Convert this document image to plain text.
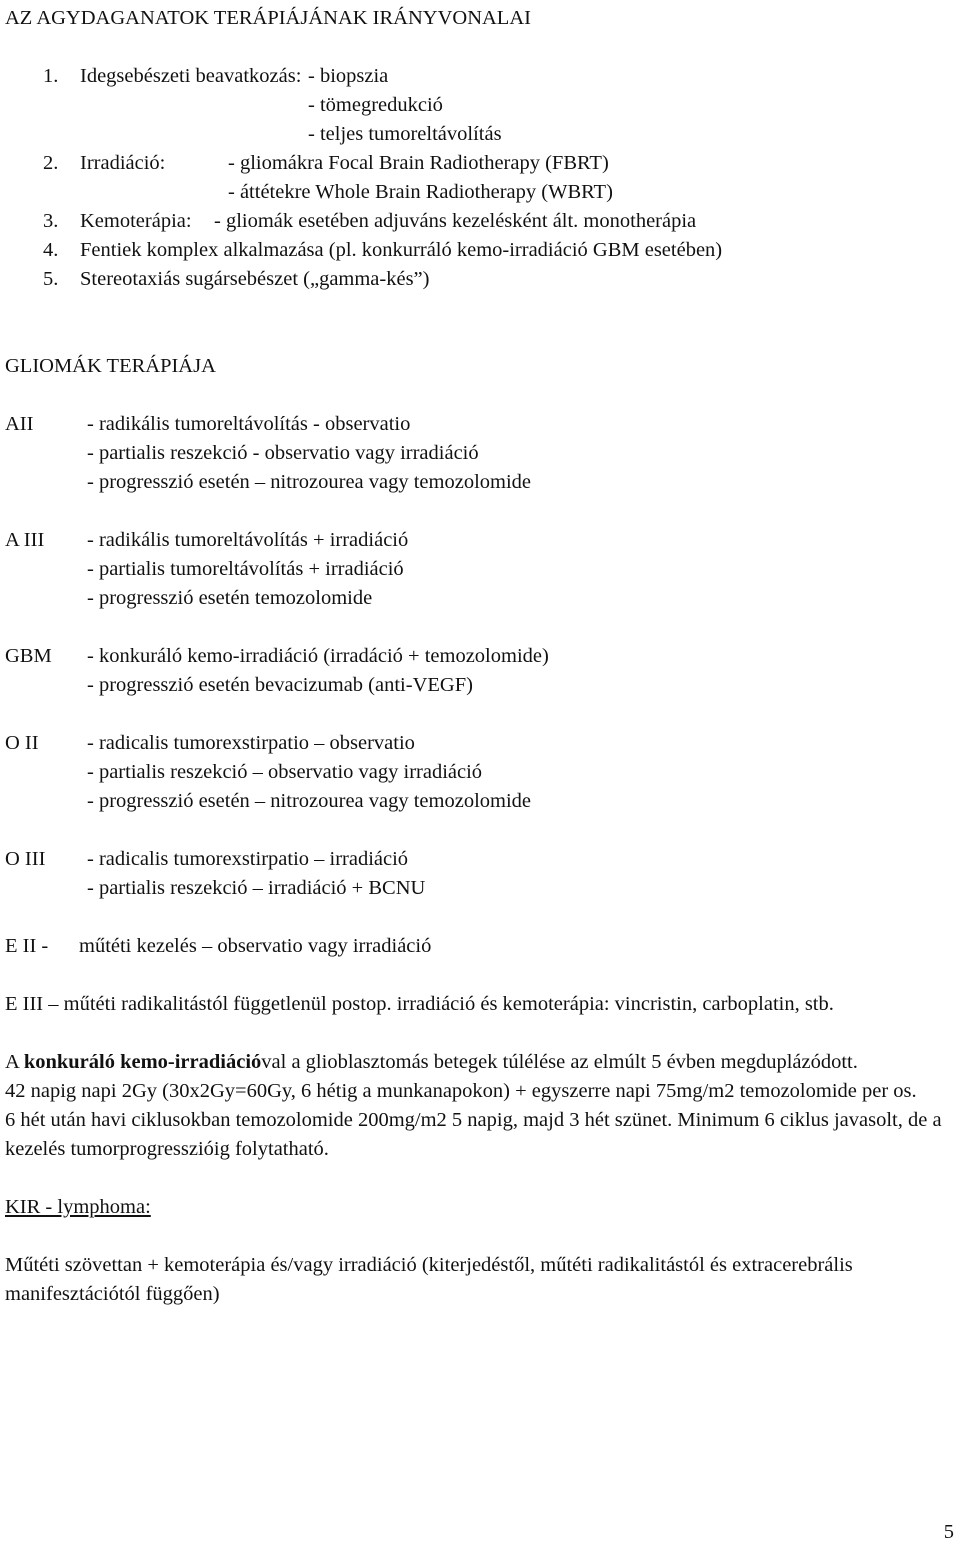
AZ AGYDAGANATOK TERÁPIÁJÁNAK IRÁNYVONALAI
1.	Idegsebészeti beavatkozás: - biopszia
- tömegredukció
- teljes tumoreltávolítás
2.	Irradiáció:	- gliomákra Focal Brain Radiotherapy (FBRT)
- áttétekre Whole Brain Radiotherapy (WBRT)
3.	Kemoterápia:	- gliomák esetében adjuváns kezelésként ált. monotherápia
4.	Fentiek komplex alkalmazása (pl. konkurráló kemo-irradiáció GBM esetében)
5.	Stereotaxiás sugársebészet („gamma-kés”)
GLIOMÁK TERÁPIÁJA
AII	- radikális tumoreltávolítás - observatio
- partialis reszekció - observatio vagy irradiáció
- progresszió esetén – nitrozourea vagy temozolomide
A III	- radikális tumoreltávolítás + irradiáció
- partialis tumoreltávolítás + irradiáció
- progresszió esetén temozolomide
GBM	- konkuráló kemo-irradiáció (irradáció + temozolomide)
- progresszió esetén bevacizumab (anti-VEGF)
O II	- radicalis tumorexstirpatio – observatio
- partialis reszekció – observatio vagy irradiáció
- progresszió esetén – nitrozourea vagy temozolomide
O III	- radicalis tumorexstirpatio – irradiáció
- partialis reszekció – irradiáció + BCNU
E II - műtéti kezelés – observatio vagy irradiáció

E III – műtéti radikalitástól függetlenül postop. irradiáció és kemoterápia: vincristin, carboplatin, stb.

A konkuráló kemo-irradiációval a glioblasztomás betegek túlélése az elmúlt 5 évben megduplázódott.

42 napig napi 2Gy (30x2Gy=60Gy, 6 hétig a munkanapokon) + egyszerre napi 75mg/m2 temozolomide per os.

6 hét után havi ciklusokban temozolomide 200mg/m2 5 napig, majd 3 hét szünet. Minimum 6 ciklus javasolt, de a kezelés tumorprogresszióig folytatható.

KIR - lymphoma:

Műtéti szövettan + kemoterápia és/vagy irradiáció (kiterjedéstől, műtéti radikalitástól és extracerebrális manifesztációtól függően)

5
